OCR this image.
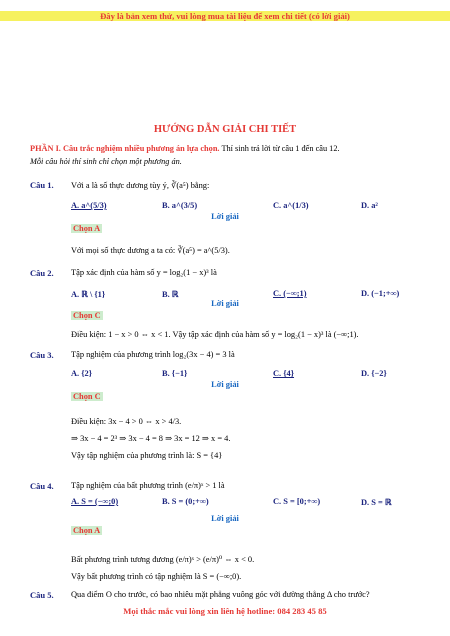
Đây là bản xem thử, vui lòng mua tài liệu để xem chi tiết (có lời giải)
HƯỚNG DẪN GIẢI CHI TIẾT
PHẦN I. Câu trắc nghiệm nhiều phương án lựa chọn. Thí sinh trả lời từ câu 1 đến câu 12.
Mỗi câu hỏi thí sinh chỉ chọn một phương án.
Câu 1. Với a là số thực dương tùy ý, ∛(a⁵) bằng:
A. a^(5/3)	B. a^(3/5)	C. a^(1/3)	D. a²
Lời giải
Chọn A
Với mọi số thực dương a ta có: ∛(a⁵) = a^(5/3).
Câu 2. Tập xác định của hàm số y = log₂(1 − x)³ là
A. ℝ \ {1}	B. ℝ	C. (−∞;1)	D. (−1;+∞)
Lời giải
Chọn C
Điều kiện: 1 − x > 0 ⇔ x < 1. Vậy tập xác định của hàm số y = log₂(1 − x)³ là (−∞;1).
Câu 3. Tập nghiệm của phương trình log₂(3x − 4) = 3 là
A. {2}	B. {−1}	C. {4}	D. {−2}
Lời giải
Chọn C
Điều kiện: 3x − 4 > 0 ⇔ x > 4/3.
⇒ 3x − 4 = 2³ ⇒ 3x − 4 = 8 ⇒ 3x = 12 ⇒ x = 4.
Vậy tập nghiệm của phương trình là: S = {4}
Câu 4. Tập nghiệm của bất phương trình (e/π)ˣ > 1 là
A. S = (−∞;0)	B. S = (0;+∞)	C. S = [0;+∞)	D. S = ℝ
Lời giải
Chọn A
Bất phương trình tương đương (e/π)ˣ > (e/π)⁰ ⇔ x < 0.
Vậy bất phương trình có tập nghiệm là S = (−∞;0).
Câu 5. Qua điểm O cho trước, có bao nhiêu mặt phẳng vuông góc với đường thẳng Δ cho trước?
Mọi thắc mắc vui lòng xin liên hệ hotline: 084 283 45 85
